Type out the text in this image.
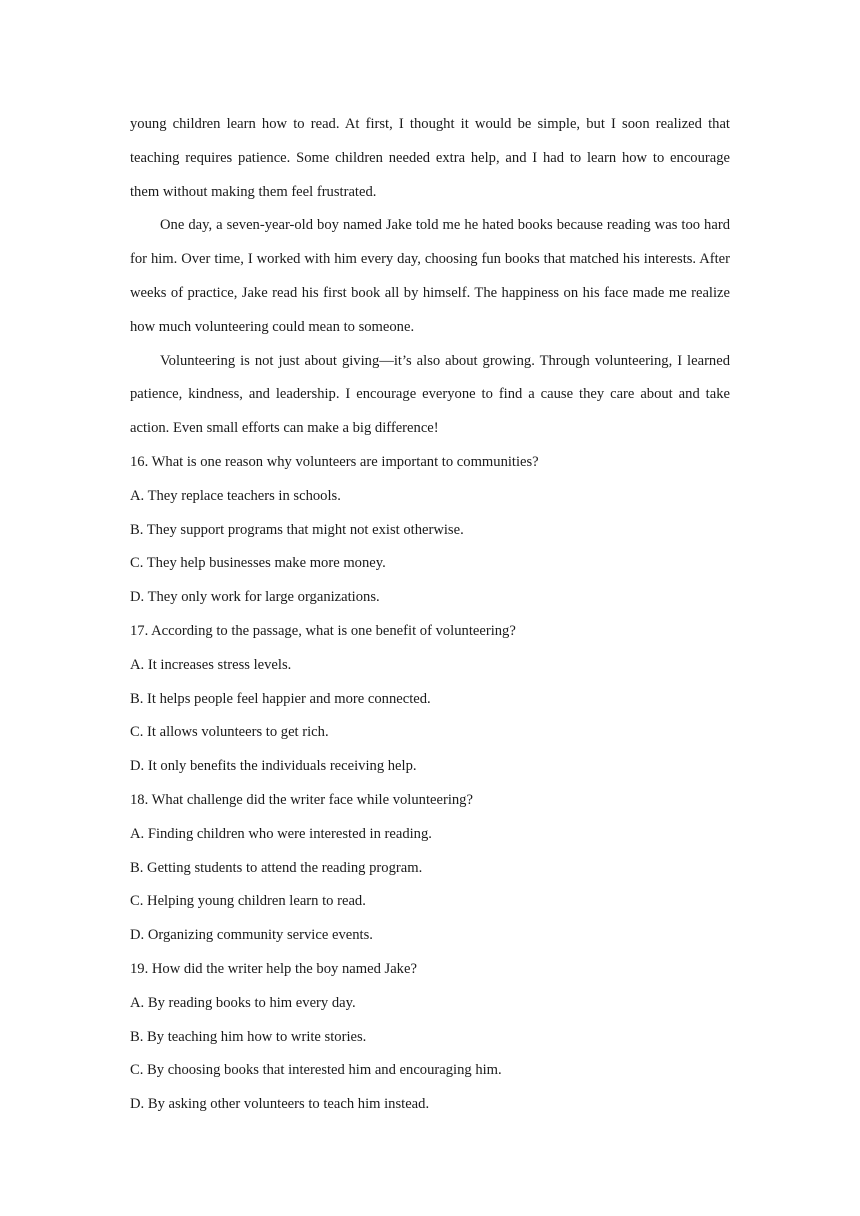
young children learn how to read. At first, I thought it would be simple, but I soon realized that teaching requires patience. Some children needed extra help, and I had to learn how to encourage them without making them feel frustrated.

One day, a seven-year-old boy named Jake told me he hated books because reading was too hard for him. Over time, I worked with him every day, choosing fun books that matched his interests. After weeks of practice, Jake read his first book all by himself. The happiness on his face made me realize how much volunteering could mean to someone.

Volunteering is not just about giving—it’s also about growing. Through volunteering, I learned patience, kindness, and leadership. I encourage everyone to find a cause they care about and take action. Even small efforts can make a big difference!

16. What is one reason why volunteers are important to communities?

A. They replace teachers in schools.

B. They support programs that might not exist otherwise.

C. They help businesses make more money.

D. They only work for large organizations.

17. According to the passage, what is one benefit of volunteering?

A. It increases stress levels.

B. It helps people feel happier and more connected.

C. It allows volunteers to get rich.

D. It only benefits the individuals receiving help.

18. What challenge did the writer face while volunteering?

A. Finding children who were interested in reading.

B. Getting students to attend the reading program.

C. Helping young children learn to read.

D. Organizing community service events.

19. How did the writer help the boy named Jake?

A. By reading books to him every day.

B. By teaching him how to write stories.

C. By choosing books that interested him and encouraging him.

D. By asking other volunteers to teach him instead.
